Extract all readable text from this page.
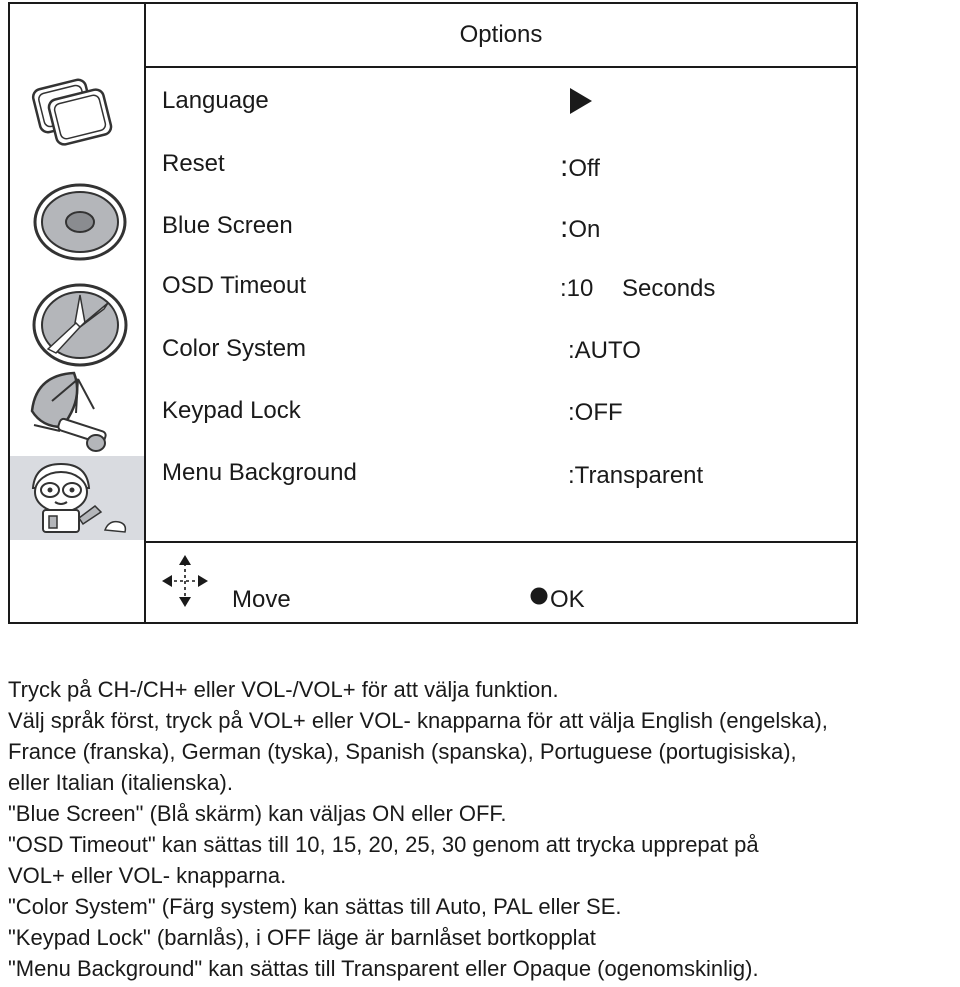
Options
Language
Reset	:Off
Blue Screen	:On
OSD Timeout	:10 Seconds
Color System	:AUTO
Keypad Lock	:OFF
Menu Background	:Transparent
Move	OK

Tryck på CH-/CH+ eller VOL-/VOL+ för att välja funktion.

Välj språk först, tryck på VOL+ eller VOL- knapparna för att välja English (engelska),

France (franska), German (tyska), Spanish (spanska), Portuguese (portugisiska),

eller Italian (italienska).

"Blue Screen" (Blå skärm) kan väljas ON eller OFF.

"OSD Timeout" kan sättas till 10, 15, 20, 25, 30 genom att trycka upprepat på

VOL+ eller VOL- knapparna.

"Color System" (Färg system) kan sättas till Auto, PAL eller SE.

"Keypad Lock" (barnlås), i OFF läge är barnlåset bortkopplat

"Menu Background" kan sättas till Transparent eller Opaque (ogenomskinlig).
